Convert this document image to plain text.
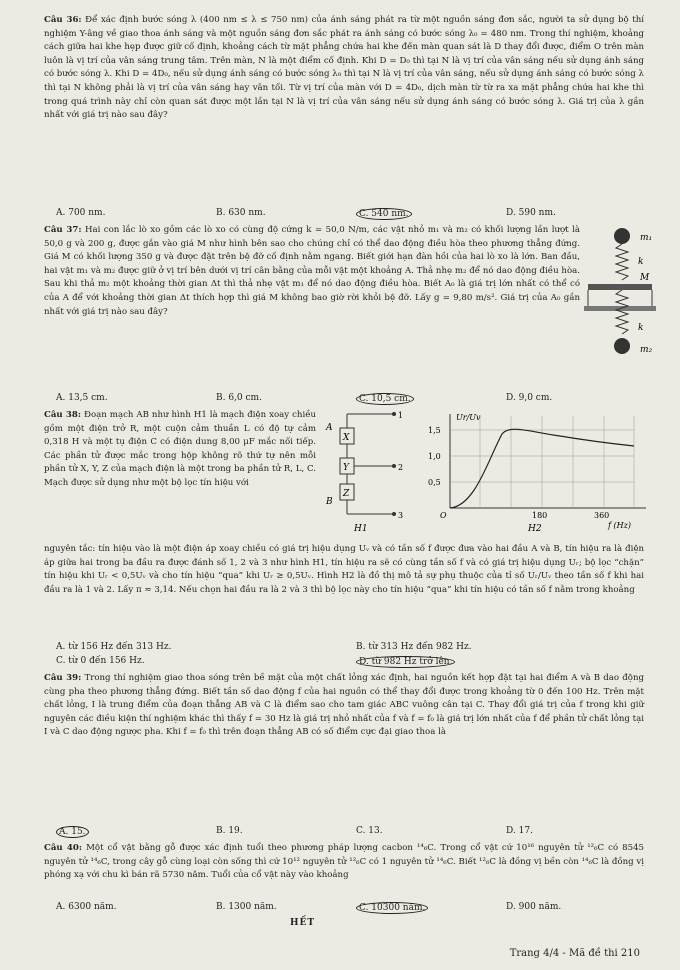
Câu 36: Để xác định bước sóng λ (400 nm ≤ λ ≤ 750 nm) của ánh sáng phát ra từ một nguồn sáng đơn sắc, người ta sử dụng bộ thí nghiệm Y-âng về giao thoa ánh sáng và một nguồn sáng đơn sắc phát ra ánh sáng có bước sóng λ₀ = 480 nm. Trong thí nghiệm, khoảng cách giữa hai khe hẹp được giữ cố định, khoảng cách từ mặt phẳng chứa hai khe đến màn quan sát là D thay đổi được, điểm O trên màn luôn là vị trí của vân sáng trung tâm. Trên màn, N là một điểm cố định. Khi D = D₀ thì tại N là vị trí của vân sáng nếu sử dụng ánh sáng có bước sóng λ. Khi D = 4D₀, nếu sử dụng ánh sáng có bước sóng λ₀ thì tại N là vị trí của vân sáng, nếu sử dụng ánh sáng có bước sóng λ thì tại N không phải là vị trí của vân sáng hay vân tối. Từ vị trí của màn với D = 4D₀, dịch màn từ từ ra xa mặt phẳng chứa hai khe thì trong quá trình này chỉ còn quan sát được một lần tại N là vị trí của vân sáng nếu sử dụng ánh sáng có bước sóng λ. Giá trị của λ gần nhất với giá trị nào sau đây?
A. 700 nm.	B. 630 nm.	C. 540 nm.	D. 590 nm.
Câu 37: Hai con lắc lò xo gồm các lò xo có cùng độ cứng k = 50,0 N/m, các vật nhỏ m₁ và m₂ có khối lượng lần lượt là 50,0 g và 200 g, được gắn vào giá M như hình bên sao cho chúng chỉ có thể dao động điều hòa theo phương thẳng đứng. Giá M có khối lượng 350 g và được đặt trên bệ đỡ cố định nằm ngang. Biết giới hạn đàn hồi của hai lò xo là lớn. Ban đầu, hai vật m₁ và m₂ được giữ ở vị trí bên dưới vị trí cân bằng của mỗi vật một khoảng A. Thả nhẹ m₂ để nó dao động điều hòa. Sau khi thả m₂ một khoảng thời gian Δt thì thả nhẹ vật m₁ để nó dao động điều hòa. Biết A₀ là giá trị lớn nhất có thể có của A để với khoảng thời gian Δt thích hợp thì giá M không bao giờ rời khỏi bệ đỡ. Lấy g = 9,80 m/s². Giá trị của A₀ gần nhất với giá trị nào sau đây?
m₁
k
M
k
m₂
A. 13,5 cm.	B. 6,0 cm.	C. 10,5 cm.	D. 9,0 cm.
Câu 38: Đoạn mạch AB như hình H1 là mạch điện xoay chiều gồm một điện trở R, một cuộn cảm thuần L có độ tự cảm 0,318 H và một tụ điện C có điện dung 8,00 μF mắc nối tiếp. Các phần tử được mắc trong hộp không rõ thứ tự nên mỗi phần tử X, Y, Z của mạch điện là một trong ba phần tử R, L, C. Mạch được sử dụng như một bộ lọc tín hiệu với
1
2
3
A
B
X
Y
Z
H1
Ur/Uv
1,5
1,0
0,5
O	180	360
f (Hz)
H2
nguyên tắc: tín hiệu vào là một điện áp xoay chiều có giá trị hiệu dụng Uᵥ và có tần số f được đưa vào hai đầu A và B, tín hiệu ra là điện áp giữa hai trong ba đầu ra được đánh số 1, 2 và 3 như hình H1, tín hiệu ra sẽ có cùng tần số f và có giá trị hiệu dụng Uᵣ; bộ lọc “chặn” tín hiệu khi Uᵣ < 0,5Uᵥ và cho tín hiệu “qua” khi Uᵣ ≥ 0,5Uᵥ. Hình H2 là đồ thị mô tả sự phụ thuộc của tỉ số Uᵣ/Uᵥ theo tần số f khi hai đầu ra là 1 và 2. Lấy π ≈ 3,14. Nếu chọn hai đầu ra là 2 và 3 thì bộ lọc này cho tín hiệu “qua” khi tín hiệu có tần số f nằm trong khoảng
A. từ 156 Hz đến 313 Hz.	B. từ 313 Hz đến 982 Hz.
C. từ 0 đến 156 Hz.	D. từ 982 Hz trở lên.
Câu 39: Trong thí nghiệm giao thoa sóng trên bề mặt của một chất lỏng xác định, hai nguồn kết hợp đặt tại hai điểm A và B dao động cùng pha theo phương thẳng đứng. Biết tần số dao động f của hai nguồn có thể thay đổi được trong khoảng từ 0 đến 100 Hz. Trên mặt chất lỏng, I là trung điểm của đoạn thẳng AB và C là điểm sao cho tam giác ABC vuông cân tại C. Thay đổi giá trị của f trong khi giữ nguyên các điều kiện thí nghiệm khác thì thấy f = 30 Hz là giá trị nhỏ nhất của f và f = f₀ là giá trị lớn nhất của f để phần tử chất lỏng tại I và C dao động ngược pha. Khi f = f₀ thì trên đoạn thẳng AB có số điểm cực đại giao thoa là
A. 15.	B. 19.	C. 13.	D. 17.
Câu 40: Một cổ vật bằng gỗ được xác định tuổi theo phương pháp lượng cacbon ¹⁴₆C. Trong cổ vật cứ 10¹⁶ nguyên tử ¹²₆C có 8545 nguyên tử ¹⁴₆C, trong cây gỗ cùng loại còn sống thì cứ 10¹² nguyên tử ¹²₆C có 1 nguyên tử ¹⁴₆C. Biết ¹²₆C là đồng vị bền còn ¹⁴₆C là đồng vị phóng xạ với chu kì bán rã 5730 năm. Tuổi của cổ vật này vào khoảng
A. 6300 năm.	B. 1300 năm.	C. 10300 năm.	D. 900 năm.
HẾT
Trang 4/4 - Mã đề thi 210
